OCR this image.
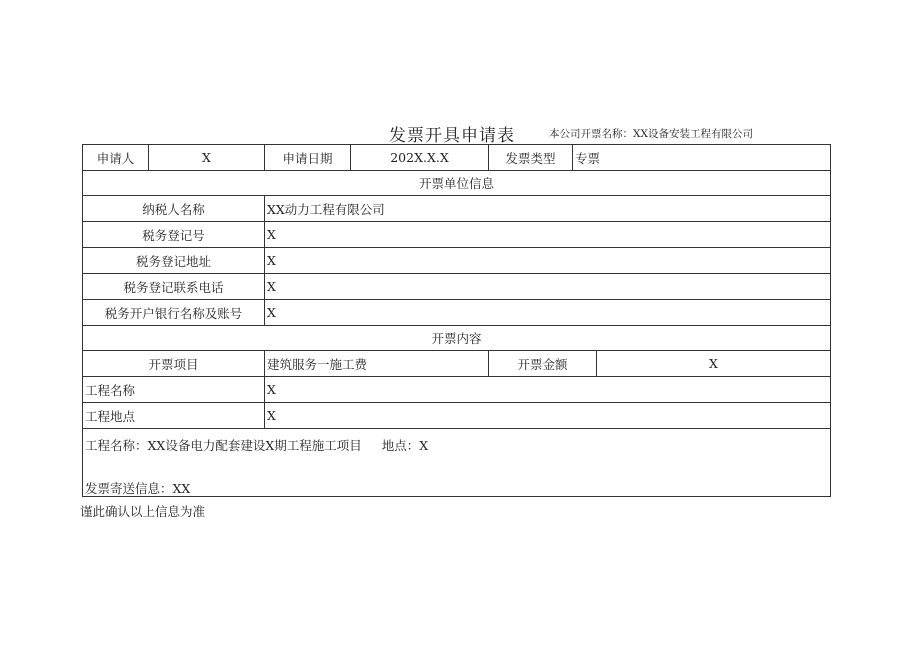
发票开具申请表	本公司开票名称：XX设备安装工程有限公司
申请人	X	申请日期	202X.X.X	发票类型	专票	
开票单位信息						
纳税人名称		XX动力工程有限公司				
税务登记号		X				
税务登记地址		X				
税务登记联系电话		X				
税务开户银行名称及账号		X				
开票内容						
开票项目		建筑服务一施工费		开票金额		X
工程名称		X				
工程地点		X				

工程名称：XX设备电力配套建设X期工程施工项目 地点：X
发票寄送信息：XX						
谨此确认以上信息为准
